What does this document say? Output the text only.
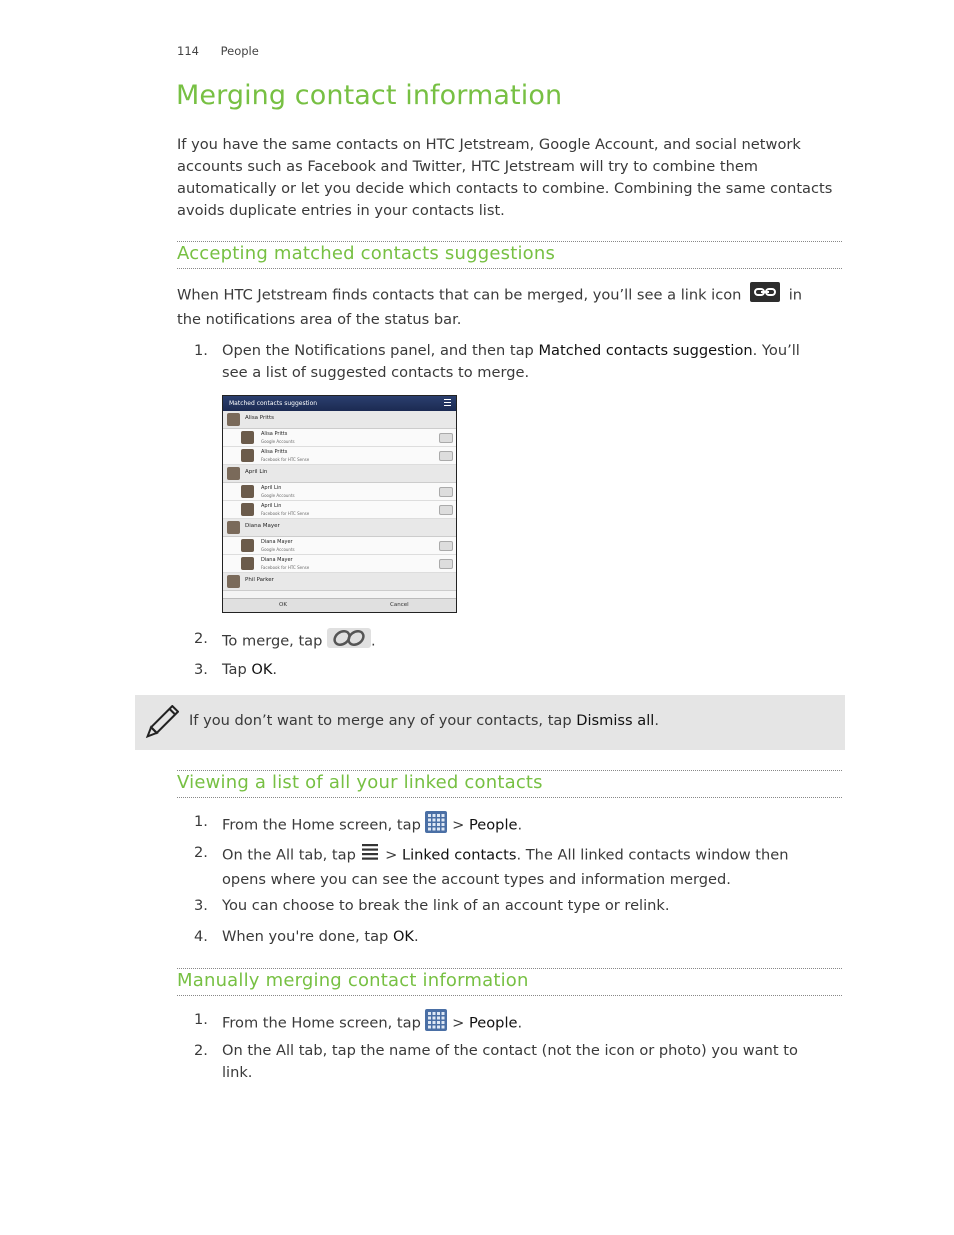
114 People
Merging contact information

If you have the same contacts on HTC Jetstream, Google Account, and social network accounts such as Facebook and Twitter, HTC Jetstream will try to combine them automatically or let you decide which contacts to combine. Combining the same contacts avoids duplicate entries in your contacts list.

Accepting matched contacts suggestions
When HTC Jetstream finds contacts that can be merged, you’ll see a link icon	in
the notifications area of the status bar.
1. Open the Notifications panel, and then tap Matched contacts suggestion. You’ll
see a list of suggested contacts to merge.
Matched contacts suggestion
Alisa Pritts
Alisa Pritts
Google Accounts
Alisa Pritts
Facebook for HTC Sense
April Lin
April Lin
Google Accounts
April Lin
Facebook for HTC Sense
Diana Mayer
Diana Mayer
Google Accounts
Diana Mayer
Facebook for HTC Sense
Phil Parker
OK	Cancel
2. To merge, tap	.
3. Tap OK.
If you don’t want to merge any of your contacts, tap Dismiss all.
Viewing a list of all your linked contacts
1. From the Home screen, tap  > People.
2. On the All tab, tap  > Linked contacts. The All linked contacts window then
opens where you can see the account types and information merged.
3. You can choose to break the link of an account type or relink.
4. When you're done, tap OK.
Manually merging contact information
1. From the Home screen, tap  > People.
2. On the All tab, tap the name of the contact (not the icon or photo) you want to
link.
